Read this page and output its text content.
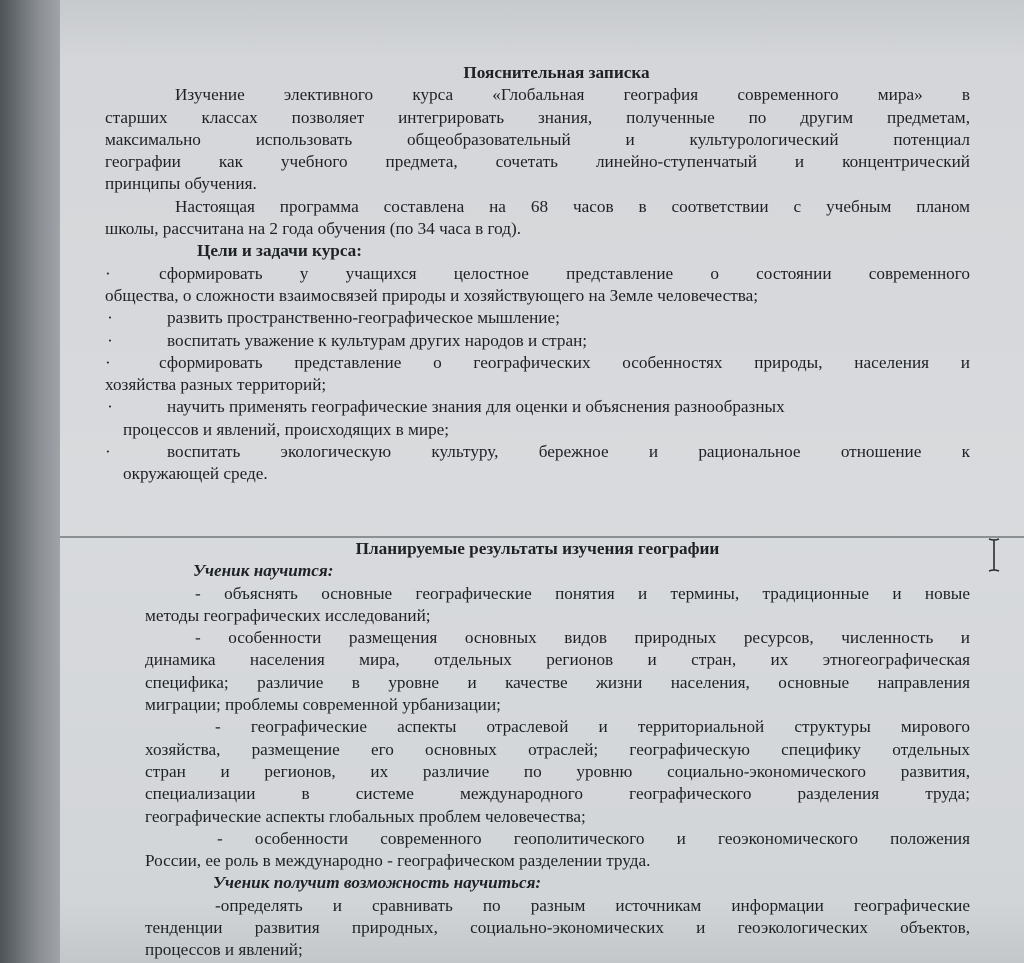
Пояснительная записка
Изучение элективного курса «Глобальная география современного мира» в
старших классах позволяет интегрировать знания, полученные по другим предметам,
максимально использовать общеобразовательный и культурологический потенциал
географии как учебного предмета, сочетать линейно-ступенчатый и концентрический
принципы обучения.
Настоящая программа составлена на 68 часов в соответствии с учебным планом
школы, рассчитана на 2 года обучения (по 34 часа в год).
Цели и задачи курса:
·	сформировать у учащихся целостное представление о состоянии современного
общества, о сложности взаимосвязей природы и хозяйствующего на Земле человечества;
·	развить пространственно-географическое мышление;
·	воспитать уважение к культурам других народов и стран;
·	сформировать представление о географических особенностях природы, населения и
хозяйства разных территорий;
·	научить применять географические знания для оценки и объяснения разнообразных
процессов и явлений, происходящих в мире;
·	воспитать экологическую культуру, бережное и рациональное отношение к
окружающей среде.
Планируемые результаты изучения географии
Ученик научится:
- объяснять основные географические понятия и термины, традиционные и новые
методы географических исследований;
- особенности размещения основных видов природных ресурсов, численность и
динамика населения мира, отдельных регионов и стран, их этногеографическая
специфика; различие в уровне и качестве жизни населения, основные направления
миграции; проблемы современной урбанизации;
- географические аспекты отраслевой и территориальной структуры мирового
хозяйства, размещение его основных отраслей; географическую специфику отдельных
стран и регионов, их различие по уровню социально-экономического развития,
специализации в системе международного географического разделения труда;
географические аспекты глобальных проблем человечества;
- особенности современного геополитического и геоэкономического положения
России, ее роль в международно - географическом разделении труда.
Ученик получит возможность научиться:
-определять и сравнивать по разным источникам информации географические
тенденции развития природных, социально-экономических и геоэкологических объектов,
процессов и явлений;
